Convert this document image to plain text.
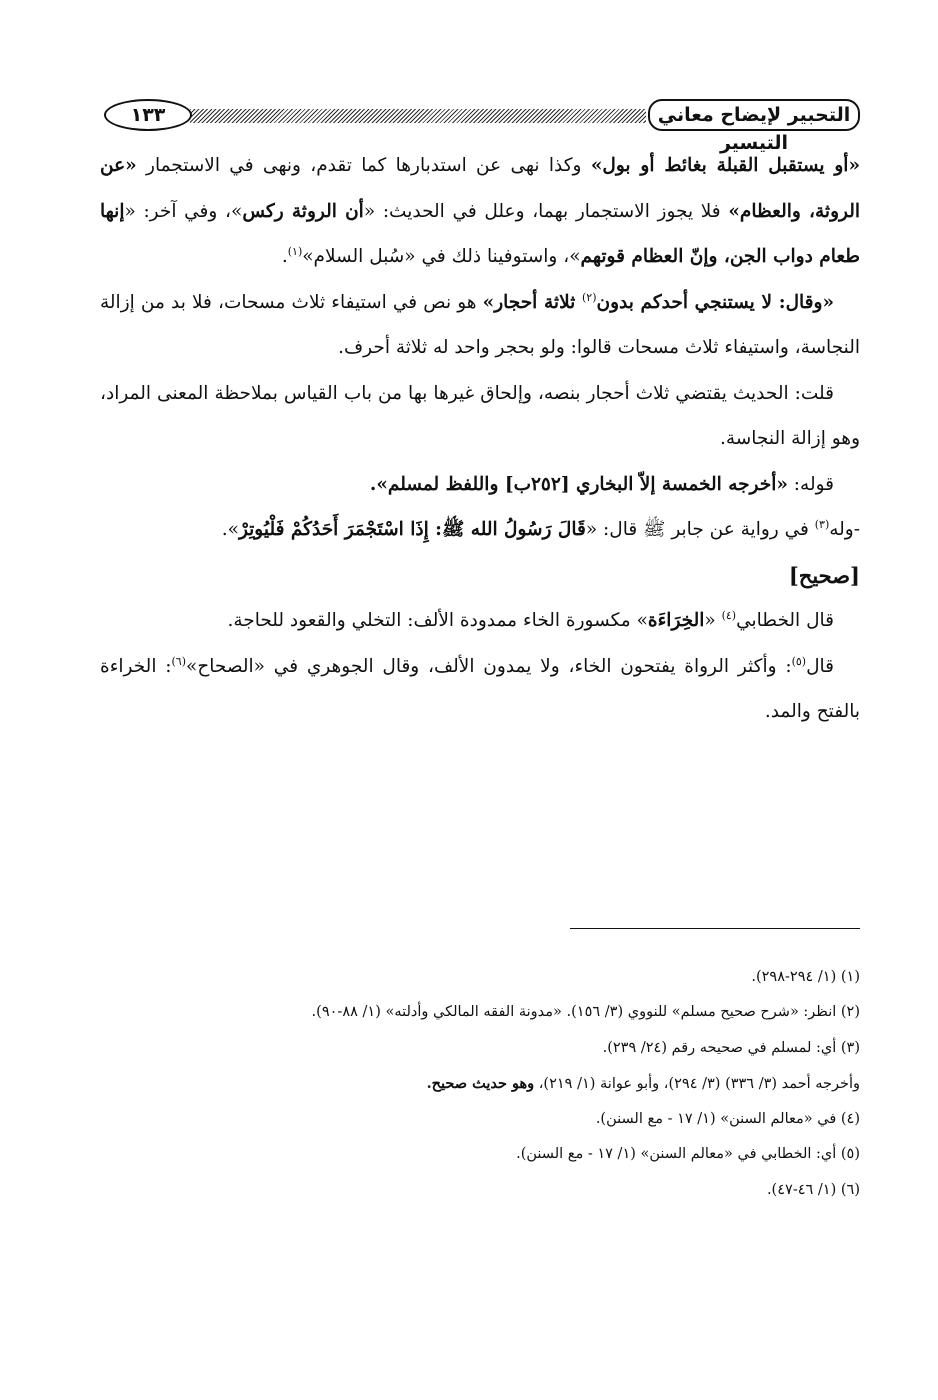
١٣٣	التحبير لإيضاح معاني التيسير

«أو يستقبل القبلة بغائط أو بول» وكذا نهى عن استدبارها كما تقدم، ونهى في الاستجمار «عن الروثة، والعظام» فلا يجوز الاستجمار بهما، وعلل في الحديث: «أن الروثة ركس»، وفي آخر: «إنها طعام دواب الجن، وإنّ العظام قوتهم»، واستوفينا ذلك في «سُبل السلام»$^{(١)}$.

«وقال: لا يستنجي أحدكم بدون$^{(٢)}$ ثلاثة أحجار» هو نص في استيفاء ثلاث مسحات، فلا بد من إزالة النجاسة، واستيفاء ثلاث مسحات قالوا: ولو بحجر واحد له ثلاثة أحرف.

قلت: الحديث يقتضي ثلاث أحجار بنصه، وإلحاق غيرها بها من باب القياس بملاحظة المعنى المراد، وهو إزالة النجاسة.

قوله: «أخرجه الخمسة إلاّ البخاري [٢٥٢ب] واللفظ لمسلم».

-وله$^{(٣)}$ في رواية عن جابر ﷺ قال: «قَالَ رَسُولُ الله ﷺ: إِذَا اسْتَجْمَرَ أَحَدُكُمْ فَلْيُوتِرْ».

[صحيح]

قال الخطابي$^{(٤)}$ «الخِرَاءَة» مكسورة الخاء ممدودة الألف: التخلي والقعود للحاجة.

قال$^{(٥)}$: وأكثر الرواة يفتحون الخاء، ولا يمدون الألف، وقال الجوهري في «الصحاح»$^{(٦)}$: الخراءة بالفتح والمد.

(١) (١/ ٢٩٤-٢٩٨).

(٢) انظر: «شرح صحيح مسلم» للنووي (٣/ ١٥٦). «مدونة الفقه المالكي وأدلته» (١/ ٨٨-٩٠).

(٣) أي: لمسلم في صحيحه رقم (٢٤/ ٢٣٩).

وأخرجه أحمد (٣/ ٣٣٦) (٣/ ٢٩٤)، وأبو عوانة (١/ ٢١٩)، وهو حديث صحيح.

(٤) في «معالم السنن» (١/ ١٧ - مع السنن).

(٥) أي: الخطابي في «معالم السنن» (١/ ١٧ - مع السنن).

(٦) (١/ ٤٦-٤٧).
